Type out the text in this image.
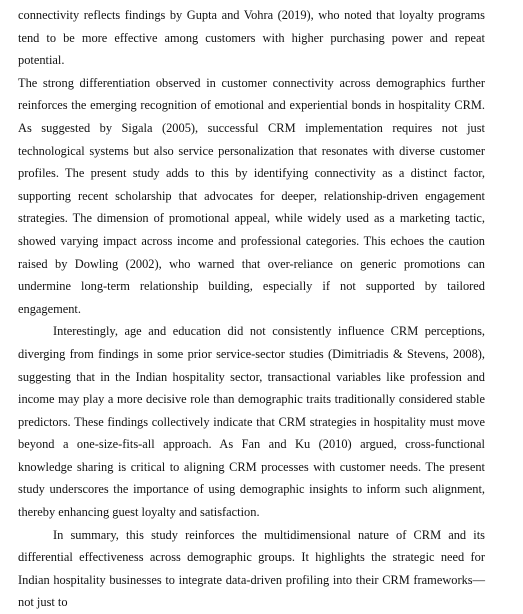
connectivity reflects findings by Gupta and Vohra (2019), who noted that loyalty programs tend to be more effective among customers with higher purchasing power and repeat potential.

The strong differentiation observed in customer connectivity across demographics further reinforces the emerging recognition of emotional and experiential bonds in hospitality CRM. As suggested by Sigala (2005), successful CRM implementation requires not just technological systems but also service personalization that resonates with diverse customer profiles. The present study adds to this by identifying connectivity as a distinct factor, supporting recent scholarship that advocates for deeper, relationship-driven engagement strategies. The dimension of promotional appeal, while widely used as a marketing tactic, showed varying impact across income and professional categories. This echoes the caution raised by Dowling (2002), who warned that over-reliance on generic promotions can undermine long-term relationship building, especially if not supported by tailored engagement.

Interestingly, age and education did not consistently influence CRM perceptions, diverging from findings in some prior service-sector studies (Dimitriadis & Stevens, 2008), suggesting that in the Indian hospitality sector, transactional variables like profession and income may play a more decisive role than demographic traits traditionally considered stable predictors. These findings collectively indicate that CRM strategies in hospitality must move beyond a one-size-fits-all approach. As Fan and Ku (2010) argued, cross-functional knowledge sharing is critical to aligning CRM processes with customer needs. The present study underscores the importance of using demographic insights to inform such alignment, thereby enhancing guest loyalty and satisfaction.

In summary, this study reinforces the multidimensional nature of CRM and its differential effectiveness across demographic groups. It highlights the strategic need for Indian hospitality businesses to integrate data-driven profiling into their CRM frameworks—not just to
